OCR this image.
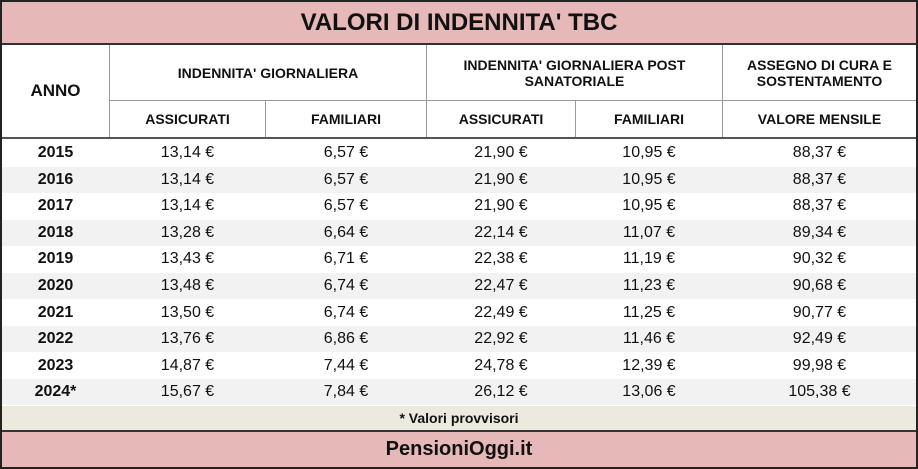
VALORI DI INDENNITA' TBC
ANNO
INDENNITA' GIORNALIERA	INDENNITA' GIORNALIERA POST SANATORIALE
ASSEGNO DI CURA E SOSTENTAMENTO
ASSICURATI	FAMILIARI	ASSICURATI	FAMILIARI	VALORE MENSILE
2015	13,14 €	6,57 €	21,90 €	10,95 €	88,37 €
2016	13,14 €	6,57 €	21,90 €	10,95 €	88,37 €
2017	13,14 €	6,57 €	21,90 €	10,95 €	88,37 €
2018	13,28 €	6,64 €	22,14 €	11,07 €	89,34 €
2019	13,43 €	6,71 €	22,38 €	11,19 €	90,32 €
2020	13,48 €	6,74 €	22,47 €	11,23 €	90,68 €
2021	13,50 €	6,74 €	22,49 €	11,25 €	90,77 €
2022	13,76 €	6,86 €	22,92 €	11,46 €	92,49 €
2023	14,87 €	7,44 €	24,78 €	12,39 €	99,98 €
2024*	15,67 €	7,84 €	26,12 €	13,06 €	105,38 €
* Valori provvisori
PensioniOggi.it
